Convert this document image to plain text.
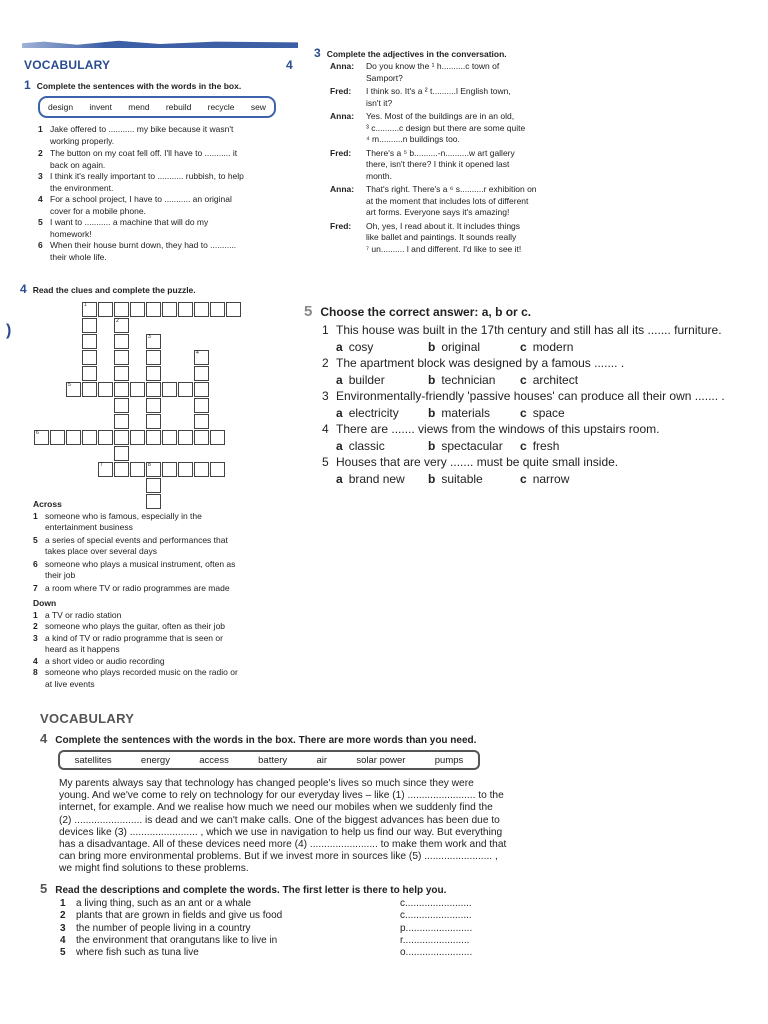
VOCABULARY	4
1 Complete the sentences with the words in the box.
design invent mend rebuild recycle sew
1 Jake offered to ........... my bike because it wasn't
working properly.
2 The button on my coat fell off. I'll have to ........... it
back on again.
3 I think it's really important to ........... rubbish, to help
the environment.
4 For a school project, I have to ........... an original
cover for a mobile phone.
5 I want to ........... a machine that will do my
homework!
6 When their house burnt down, they had to ...........
their whole life.
3 Complete the adjectives in the conversation.
Anna:	Do you know the ¹ h..........c town of
Samport?
Fred:	I think so. It's a ² t..........l English town,
isn't it?
Anna:	Yes. Most of the buildings are in an old,
³ c..........c design but there are some quite
⁴ m..........n buildings too.
Fred:	There's a ⁵ b..........-n..........w art gallery
there, isn't there? I think it opened last
month.
Anna:	That's right. There's a ⁶ s..........r exhibition on
at the moment that includes lots of different
art forms. Everyone says it's amazing!
Fred:	Oh, yes, I read about it. It includes things
like ballet and paintings. It sounds really
⁷ un.......... l and different. I'd like to see it!
4 Read the clues and complete the puzzle.
)
Across
1 someone who is famous, especially in the
entertainment business
5 a series of special events and performances that
takes place over several days
6 someone who plays a musical instrument, often as
their job
7 a room where TV or radio programmes are made
Down
1 a TV or radio station
2 someone who plays the guitar, often as their job
3 a kind of TV or radio programme that is seen or
heard as it happens
4 a short video or audio recording
8 someone who plays recorded music on the radio or
at live events
5 Choose the correct answer: a, b or c.
1 This house was built in the 17th century and still has all its ....... furniture.
a cosy	b original	c modern
2 The apartment block was designed by a famous ....... .
a builder	b technician	c architect
3 Environmentally-friendly 'passive houses' can produce all their own ....... .
a electricity	b materials	c space
4 There are ....... views from the windows of this upstairs room.
a classic	b spectacular	c fresh
5 Houses that are very ....... must be quite small inside.
a brand new	b suitable	c narrow
VOCABULARY
4 Complete the sentences with the words in the box. There are more words than you need.
satellites	energy	access	battery	air	solar power	pumps
My parents always say that technology has changed people's lives so much since they were
young. And we've come to rely on technology for our everyday lives – like (1) ........................ to the
internet, for example. And we realise how much we need our mobiles when we suddenly find the
(2) ........................ is dead and we can't make calls. One of the biggest advances has been due to
devices like (3) ........................ , which we use in navigation to help us find our way. But everything
has a disadvantage. All of these devices need more (4) ........................ to make them work and that
can bring more environmental problems. But if we invest more in sources like (5) ........................ ,
we might find solutions to these problems.
5 Read the descriptions and complete the words. The first letter is there to help you.
1	a living thing, such as an ant or a whale	c........................
2	plants that are grown in fields and give us food	c........................
3	the number of people living in a country	p........................
4	the environment that orangutans like to live in	r........................
5	where fish such as tuna live	o........................
1
2
3
4
5
6
7	8
